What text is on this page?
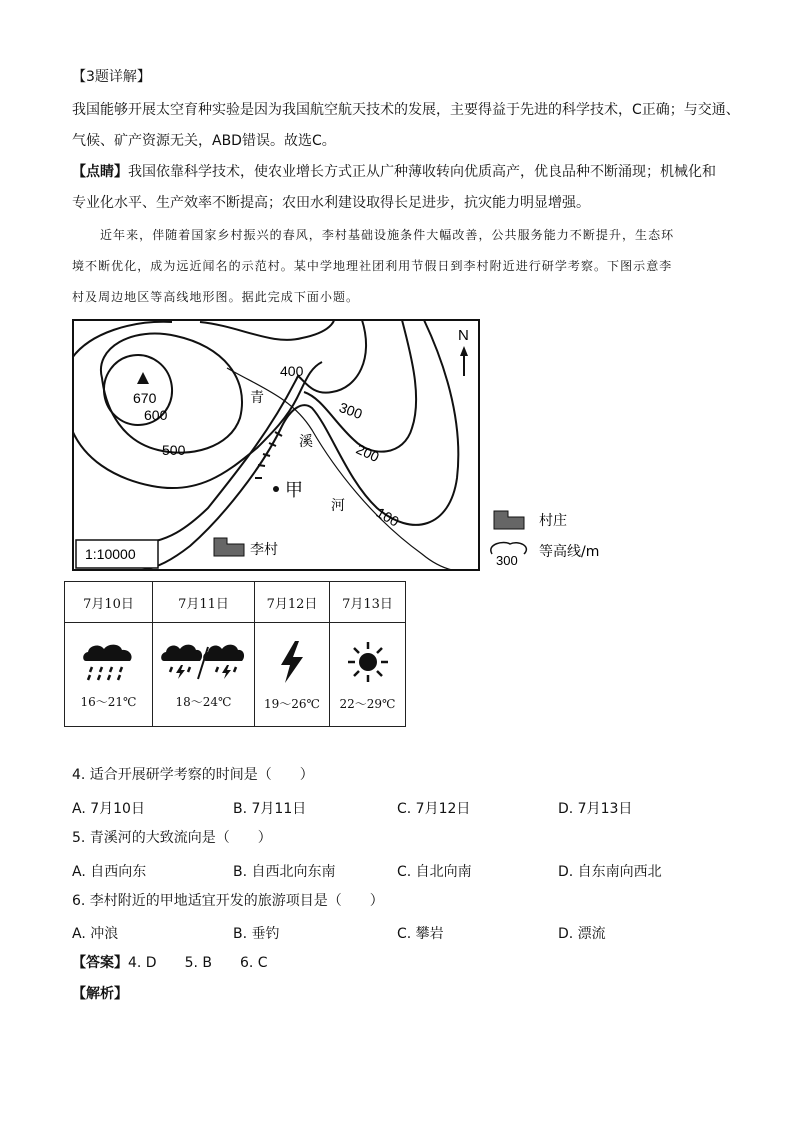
【3题详解】
我国能够开展太空育种实验是因为我国航空航天技术的发展，主要得益于先进的科学技术，C正确；与交通、
气候、矿产资源无关，ABD错误。故选C。
【点睛】我国依靠科学技术，使农业增长方式正从广种薄收转向优质高产，优良品种不断涌现；机械化和
专业化水平、生产效率不断提高；农田水利建设取得长足进步，抗灾能力明显增强。
近年来，伴随着国家乡村振兴的春风，李村基础设施条件大幅改善，公共服务能力不断提升，生态环
境不断优化，成为远近闻名的示范村。某中学地理社团利用节假日到李村附近进行研学考察。下图示意李
村及周边地区等高线地形图。据此完成下面小题。
670
600
500
400
300
200
100
青
溪
河
甲
李村
1:10000
N
村庄
300
等高线/m
7月10日	7月11日	7月12日	7月13日

16～21℃	18～24℃	19～26℃	22～29℃
4. 适合开展研学考察的时间是（　　）
A. 7月10日	B. 7月11日	C. 7月12日	D. 7月13日
5. 青溪河的大致流向是（　　）
A. 自西向东	B. 自西北向东南	C. 自北向南	D. 自东南向西北
6. 李村附近的甲地适宜开发的旅游项目是（　　）
A. 冲浪	B. 垂钓	C. 攀岩	D. 漂流
【答案】4. D　　5. B　　6. C
【解析】
